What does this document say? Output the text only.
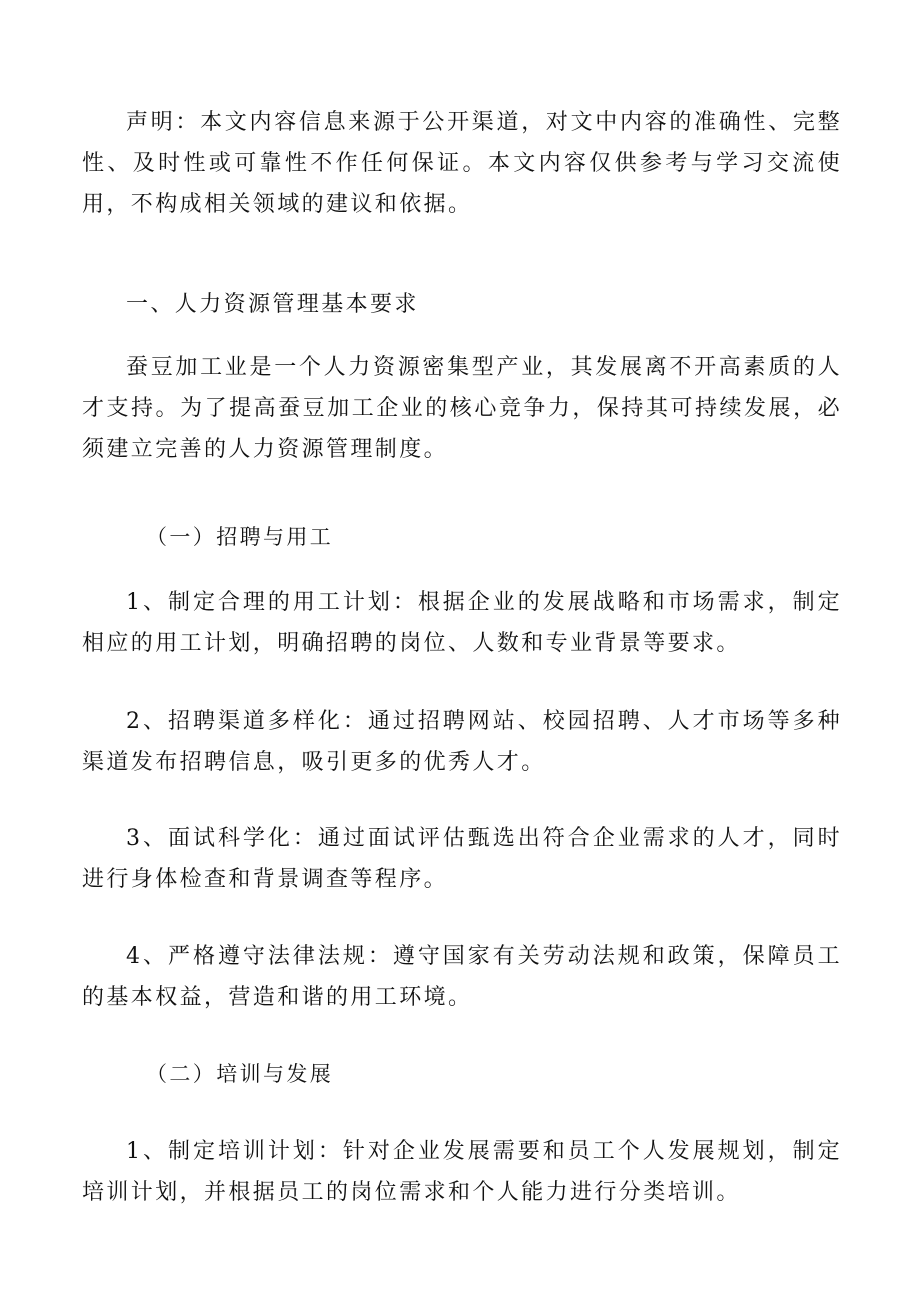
声明：本文内容信息来源于公开渠道，对文中内容的准确性、完整性、及时性或可靠性不作任何保证。本文内容仅供参考与学习交流使用，不构成相关领域的建议和依据。

一、人力资源管理基本要求

蚕豆加工业是一个人力资源密集型产业，其发展离不开高素质的人才支持。为了提高蚕豆加工企业的核心竞争力，保持其可持续发展，必须建立完善的人力资源管理制度。

（一）招聘与用工

1、制定合理的用工计划：根据企业的发展战略和市场需求，制定相应的用工计划，明确招聘的岗位、人数和专业背景等要求。

2、招聘渠道多样化：通过招聘网站、校园招聘、人才市场等多种渠道发布招聘信息，吸引更多的优秀人才。

3、面试科学化：通过面试评估甄选出符合企业需求的人才，同时进行身体检查和背景调查等程序。

4、严格遵守法律法规：遵守国家有关劳动法规和政策，保障员工的基本权益，营造和谐的用工环境。

（二）培训与发展

1、制定培训计划：针对企业发展需要和员工个人发展规划，制定培训计划，并根据员工的岗位需求和个人能力进行分类培训。
